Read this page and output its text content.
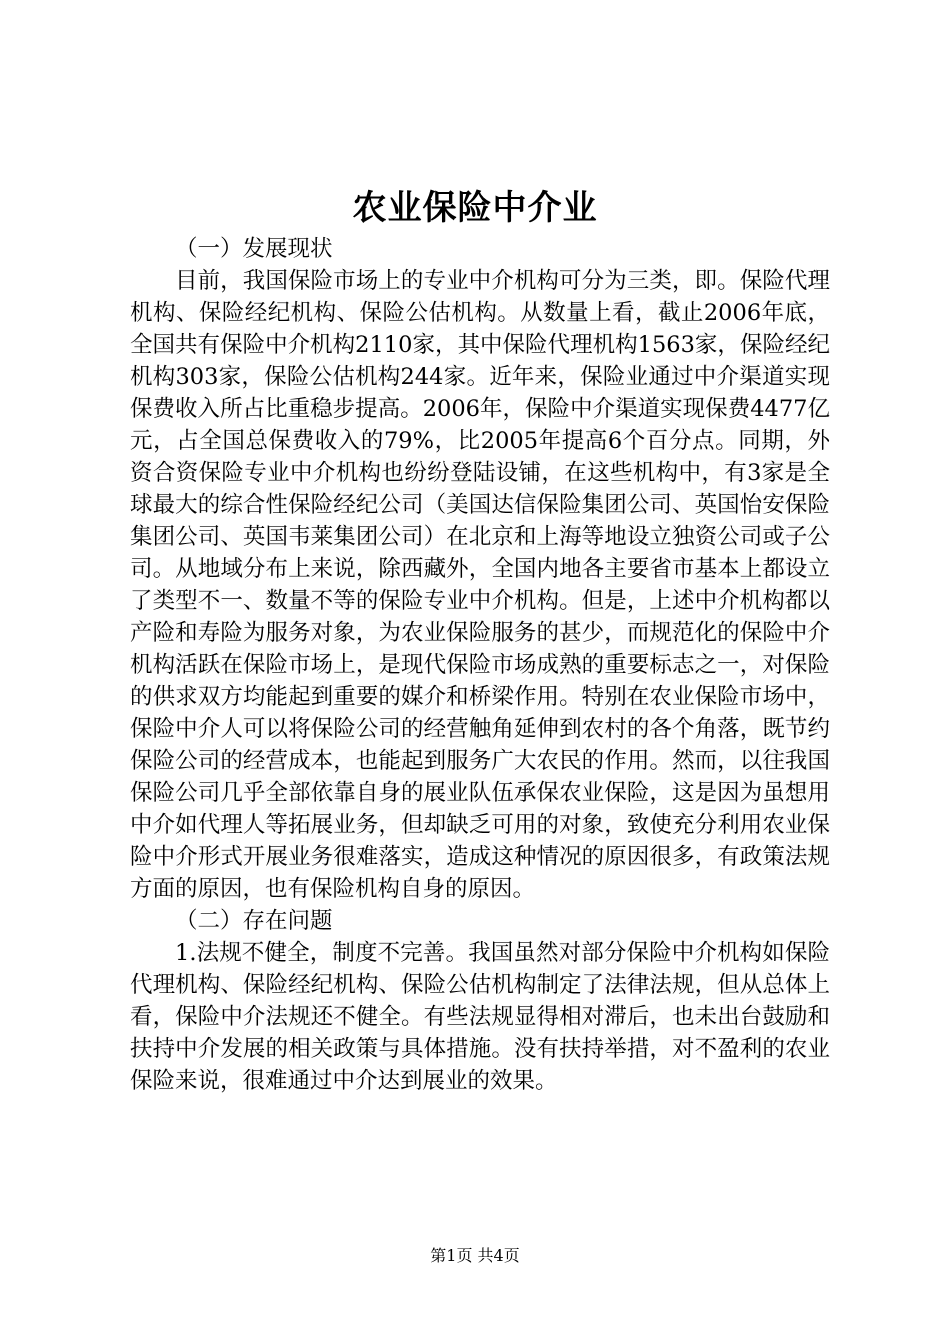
农业保险中介业

（一）发展现状

目前，我国保险市场上的专业中介机构可分为三类，即。保险代理机构、保险经纪机构、保险公估机构。从数量上看，截止2006年底，全国共有保险中介机构2110家，其中保险代理机构1563家，保险经纪机构303家，保险公估机构244家。近年来，保险业通过中介渠道实现保费收入所占比重稳步提高。2006年，保险中介渠道实现保费4477亿元，占全国总保费收入的79%，比2005年提高6个百分点。同期，外资合资保险专业中介机构也纷纷登陆设铺，在这些机构中，有3家是全球最大的综合性保险经纪公司（美国达信保险集团公司、英国怡安保险集团公司、英国韦莱集团公司）在北京和上海等地设立独资公司或子公司。从地域分布上来说，除西藏外，全国内地各主要省市基本上都设立了类型不一、数量不等的保险专业中介机构。但是，上述中介机构都以产险和寿险为服务对象，为农业保险服务的甚少，而规范化的保险中介机构活跃在保险市场上，是现代保险市场成熟的重要标志之一，对保险的供求双方均能起到重要的媒介和桥梁作用。特别在农业保险市场中，保险中介人可以将保险公司的经营触角延伸到农村的各个角落，既节约保险公司的经营成本，也能起到服务广大农民的作用。然而，以往我国保险公司几乎全部依靠自身的展业队伍承保农业保险，这是因为虽想用中介如代理人等拓展业务，但却缺乏可用的对象，致使充分利用农业保险中介形式开展业务很难落实，造成这种情况的原因很多，有政策法规方面的原因，也有保险机构自身的原因。

（二）存在问题

1.法规不健全，制度不完善。我国虽然对部分保险中介机构如保险代理机构、保险经纪机构、保险公估机构制定了法律法规，但从总体上看，保险中介法规还不健全。有些法规显得相对滞后，也未出台鼓励和扶持中介发展的相关政策与具体措施。没有扶持举措，对不盈利的农业保险来说，很难通过中介达到展业的效果。

第1页 共4页
